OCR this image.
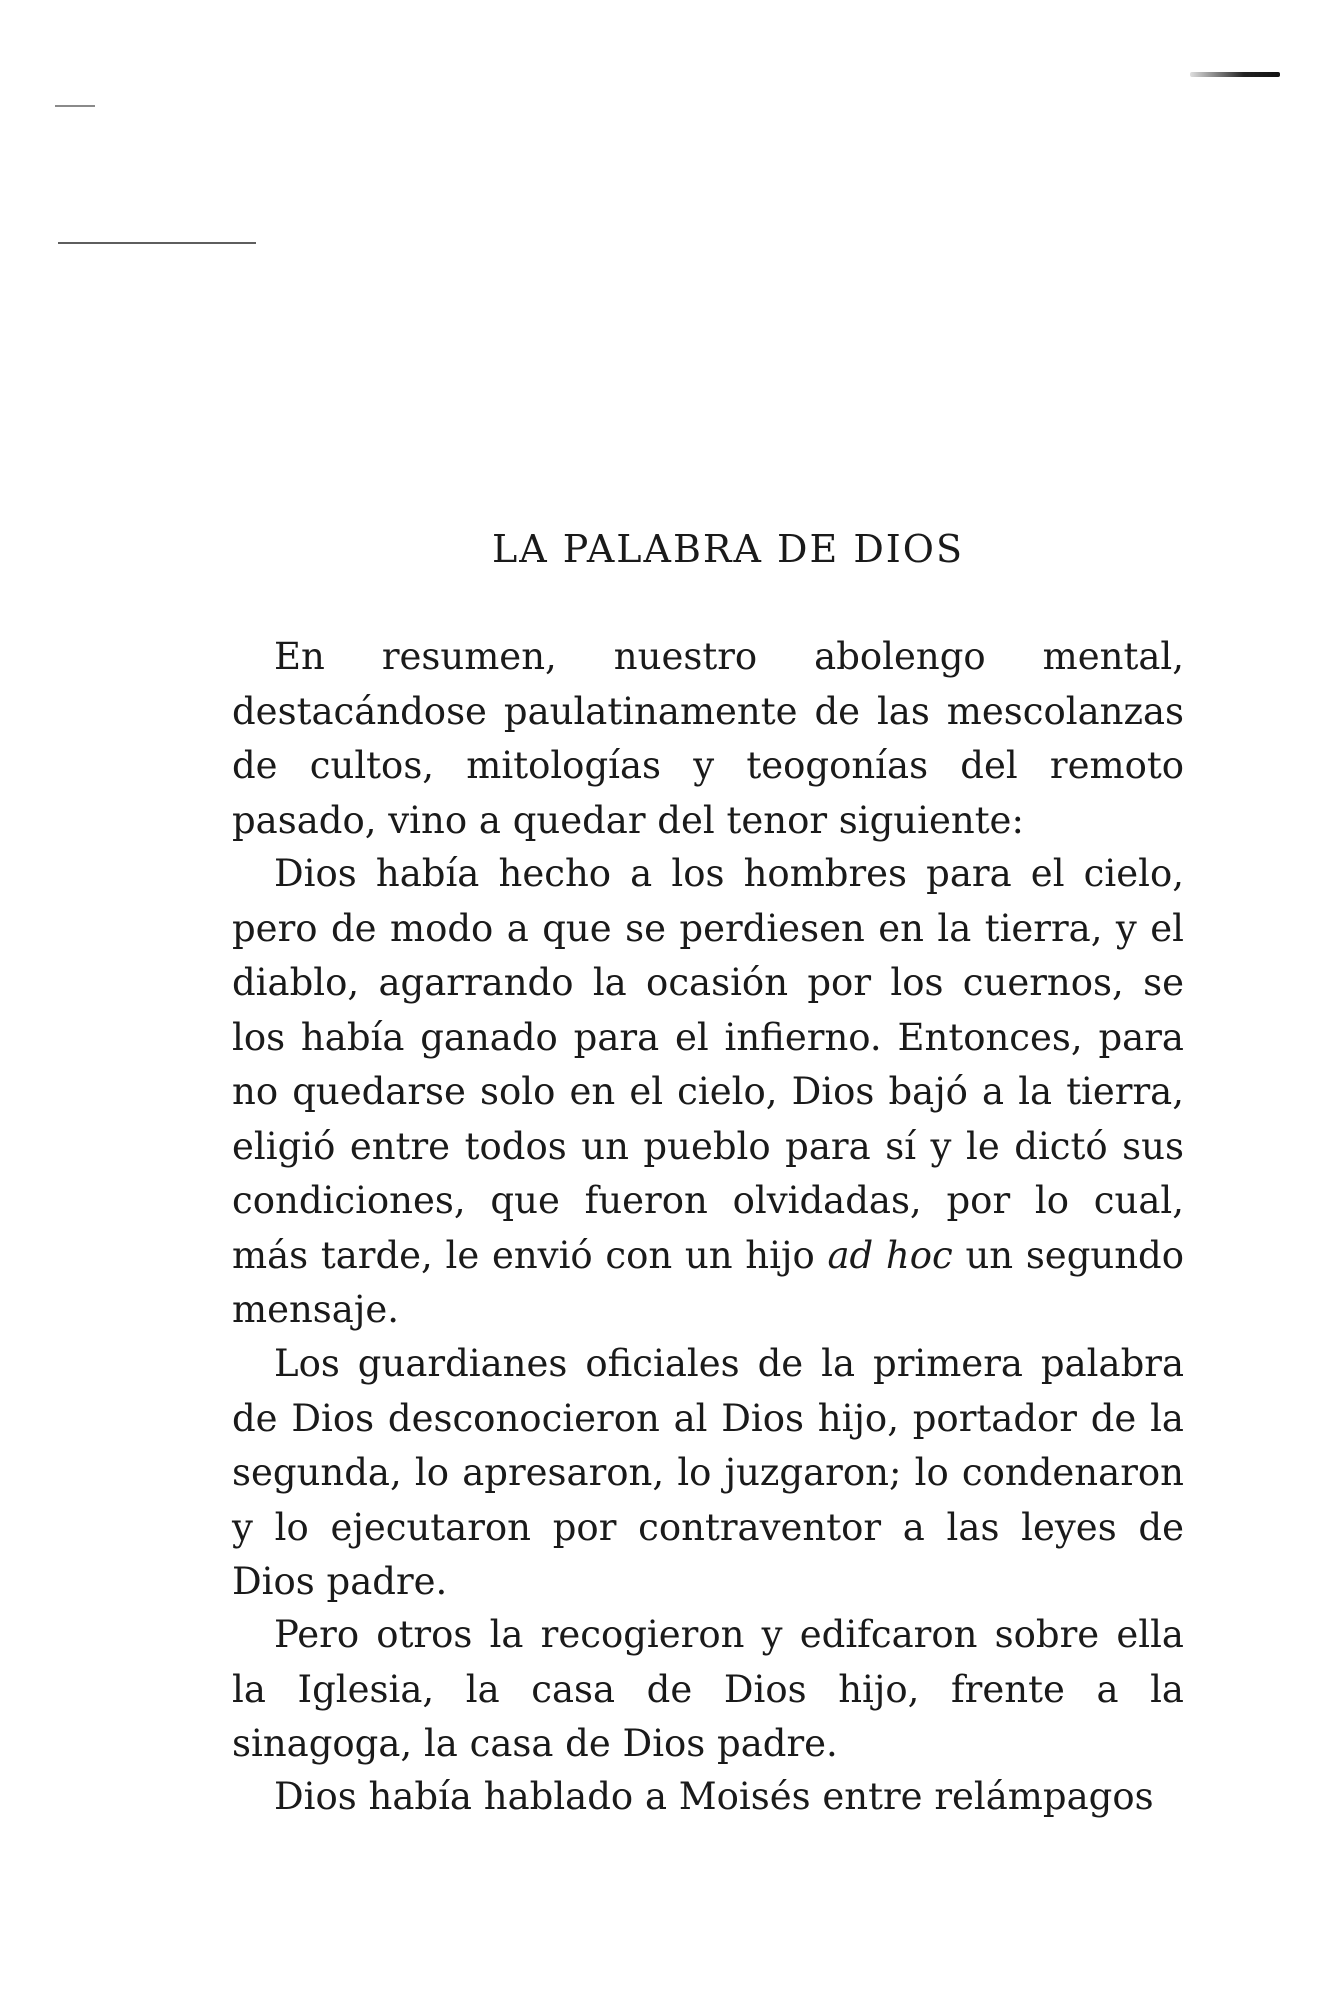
LA PALABRA DE DIOS

En resumen, nuestro abolengo mental, destacándose paulatinamente de las mescolanzas de cultos, mitologías y teogonías del remoto pasado, vino a quedar del tenor siguiente:

Dios había hecho a los hombres para el cielo, pero de modo a que se perdiesen en la tierra, y el diablo, agarrando la ocasión por los cuernos, se los había ganado para el infierno. Entonces, para no quedarse solo en el cielo, Dios bajó a la tierra, eligió entre todos un pueblo para sí y le dictó sus condiciones, que fueron olvidadas, por lo cual, más tarde, le envió con un hijo ad hoc un segundo mensaje.

Los guardianes oficiales de la primera palabra de Dios desconocieron al Dios hijo, portador de la segunda, lo apresaron, lo juzgaron; lo condenaron y lo ejecutaron por contraventor a las leyes de Dios padre.

Pero otros la recogieron y edifcaron sobre ella la Iglesia, la casa de Dios hijo, frente a la sinagoga, la casa de Dios padre.

Dios había hablado a Moisés entre relámpagos
